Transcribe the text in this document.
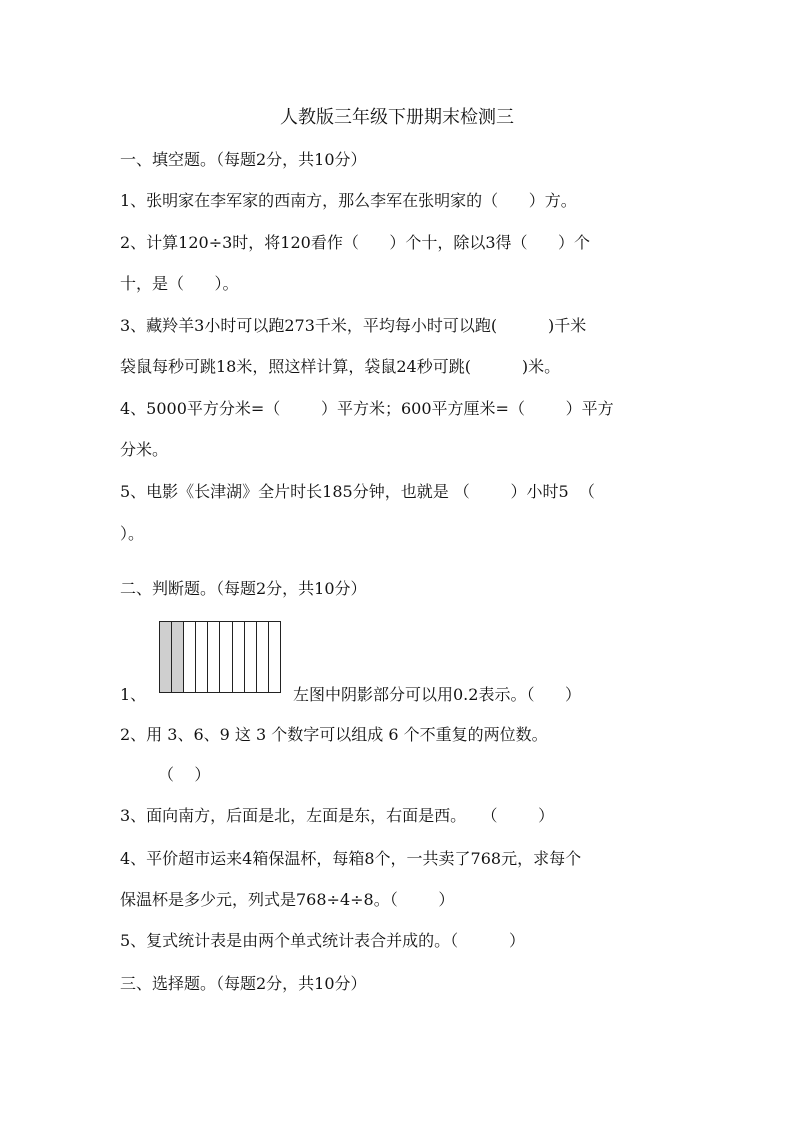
人教版三年级下册期末检测三
一、填空题。（每题2分，共10分）
1、张明家在李军家的西南方，那么李军在张明家的（      ）方。
2、计算120÷3时，将120看作（      ）个十，除以3得（      ）个
十，是（      ）。
3、藏羚羊3小时可以跑273千米，平均每小时可以跑(          )千米
袋鼠每秒可跳18米，照这样计算，袋鼠24秒可跳(          )米。
4、5000平方分米=（        ）平方米；600平方厘米=（        ）平方
分米。
5、电影《长津湖》全片时长185分钟，也就是 （        ）小时5  （
）。
二、判断题。（每题2分，共10分）
1、	左图中阴影部分可以用0.2表示。（      ）
2、用 3、6、9 这 3 个数字可以组成 6 个不重复的两位数。
（    ）
3、面向南方，后面是北，左面是东，右面是西。   （        ）
4、平价超市运来4箱保温杯，每箱8个，一共卖了768元，求每个
保温杯是多少元，列式是768÷4÷8。（        ）
5、复式统计表是由两个单式统计表合并成的。（          ）
三、选择题。（每题2分，共10分）
